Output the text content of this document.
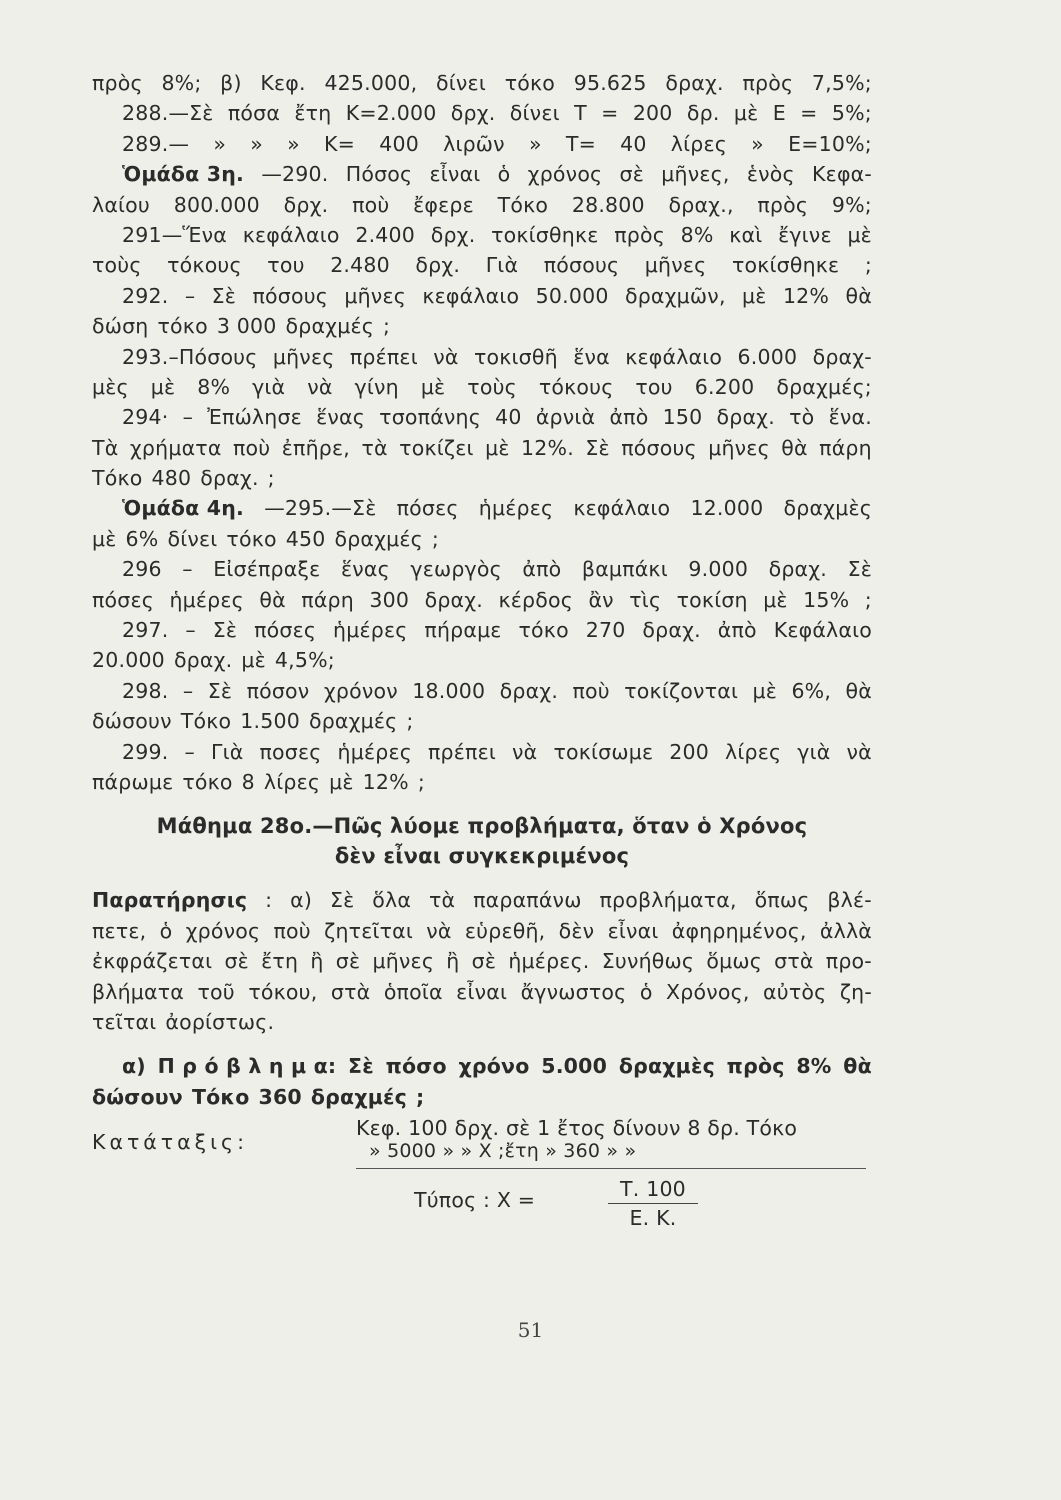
πρὸς 8%; β) Κεφ. 425.000, δίνει τόκο 95.625 δραχ. πρὸς 7,5%;
288.—Σὲ πόσα ἔτη Κ=2.000 δρχ. δίνει Τ = 200 δρ. μὲ Ε = 5%;
289.— » » » Κ= 400 λιρῶν » Τ= 40 λίρες » Ε=10%;
Ὁμάδα 3η. —290. Πόσος εἶναι ὁ χρόνος σὲ μῆνες, ἑνὸς Κεφα-
λαίου 800.000 δρχ. ποὺ ἔφερε Τόκο 28.800 δραχ., πρὸς 9%;
291—Ἕνα κεφάλαιο 2.400 δρχ. τοκίσθηκε πρὸς 8% καὶ ἔγινε μὲ
τοὺς τόκους του 2.480 δρχ. Γιὰ πόσους μῆνες τοκίσθηκε ;
292. – Σὲ πόσους μῆνες κεφάλαιο 50.000 δραχμῶν, μὲ 12% θὰ
δώση τόκο 3 000 δραχμές ;
293.–Πόσους μῆνες πρέπει νὰ τοκισθῆ ἕνα κεφάλαιο 6.000 δραχ-
μὲς μὲ 8% γιὰ νὰ γίνη μὲ τοὺς τόκους του 6.200 δραχμές;
294· – Ἐπώλησε ἕνας τσοπάνης 40 ἀρνιὰ ἀπὸ 150 δραχ. τὸ ἕνα.
Τὰ χρήματα ποὺ ἐπῆρε, τὰ τοκίζει μὲ 12%. Σὲ πόσους μῆνες θὰ πάρη
Τόκο 480 δραχ. ;
Ὁμάδα 4η. —295.—Σὲ πόσες ἡμέρες κεφάλαιο 12.000 δραχμὲς
μὲ 6% δίνει τόκο 450 δραχμές ;
296 – Εἰσέπραξε ἕνας γεωργὸς ἀπὸ βαμπάκι 9.000 δραχ. Σὲ
πόσες ἡμέρες θὰ πάρη 300 δραχ. κέρδος ἂν τὶς τοκίση μὲ 15% ;
297. – Σὲ πόσες ἡμέρες πήραμε τόκο 270 δραχ. ἀπὸ Κεφάλαιο
20.000 δραχ. μὲ 4,5%;
298. – Σὲ πόσον χρόνον 18.000 δραχ. ποὺ τοκίζονται μὲ 6%, θὰ
δώσουν Τόκο 1.500 δραχμές ;
299. – Γιὰ ποσες ἡμέρες πρέπει νὰ τοκίσωμε 200 λίρες γιὰ νὰ
πάρωμε τόκο 8 λίρες μὲ 12% ;
Μάθημα 28ο.—Πῶς λύομε προβλήματα, ὅταν ὁ Χρόνος
δὲν εἶναι συγκεκριμένος
Παρατήρησις : α) Σὲ ὅλα τὰ παραπάνω προβλήματα, ὅπως βλέ-
πετε, ὁ χρόνος ποὺ ζητεῖται νὰ εὑρεθῆ, δὲν εἶναι ἀφηρημένος, ἀλλὰ
ἐκφράζεται σὲ ἔτη ἢ σὲ μῆνες ἢ σὲ ἡμέρες. Συνήθως ὅμως στὰ προ-
βλήματα τοῦ τόκου, στὰ ὁποῖα εἶναι ἄγνωστος ὁ Χρόνος, αὐτὸς ζη-
τεῖται ἀορίστως.
α) Π ρ ό β λ η μ α: Σὲ πόσο χρόνο 5.000 δραχμὲς πρὸς 8% θὰ
δώσουν Τόκο 360 δραχμές ;
Κατάταξις:
Κεφ. 100 δρχ. σὲ 1 ἔτος δίνουν 8 δρ. Τόκο
» 5000 » » Χ ;ἔτη » 360 » »
Τύπος : Χ =	Τ. 100
Ε. Κ.
51
